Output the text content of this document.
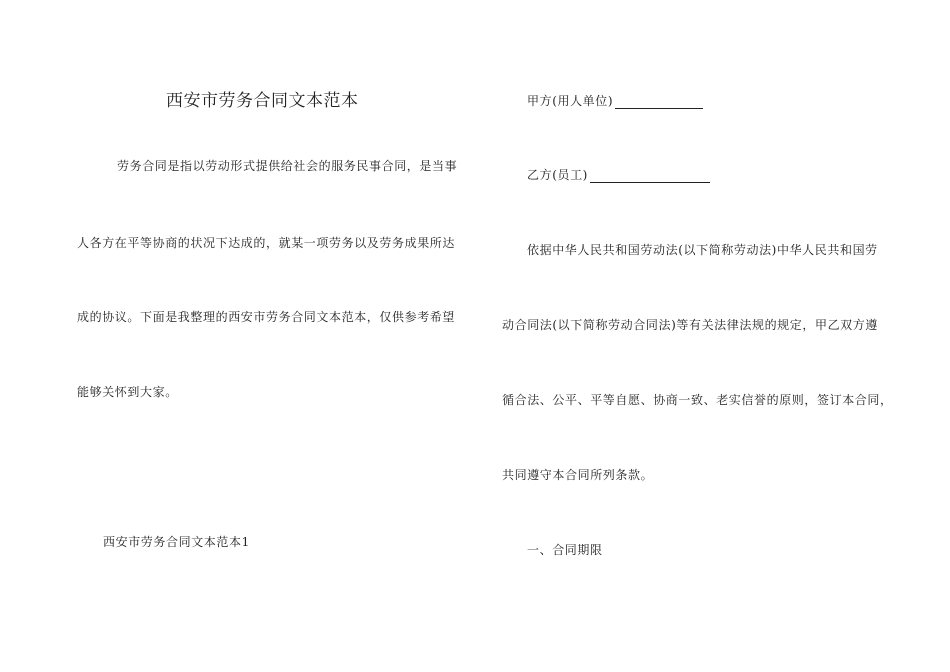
西安市劳务合同文本范本
劳务合同是指以劳动形式提供给社会的服务民事合同，是当事
人各方在平等协商的状况下达成的，就某一项劳务以及劳务成果所达
成的协议。下面是我整理的西安市劳务合同文本范本，仅供参考希望
能够关怀到大家。
西安市劳务合同文本范本1
甲方(用人单位)
乙方(员工)
依据中华人民共和国劳动法(以下简称劳动法)中华人民共和国劳
动合同法(以下简称劳动合同法)等有关法律法规的规定，甲乙双方遵
循合法、公平、平等自愿、协商一致、老实信誉的原则，签订本合同，
共同遵守本合同所列条款。
一、合同期限
